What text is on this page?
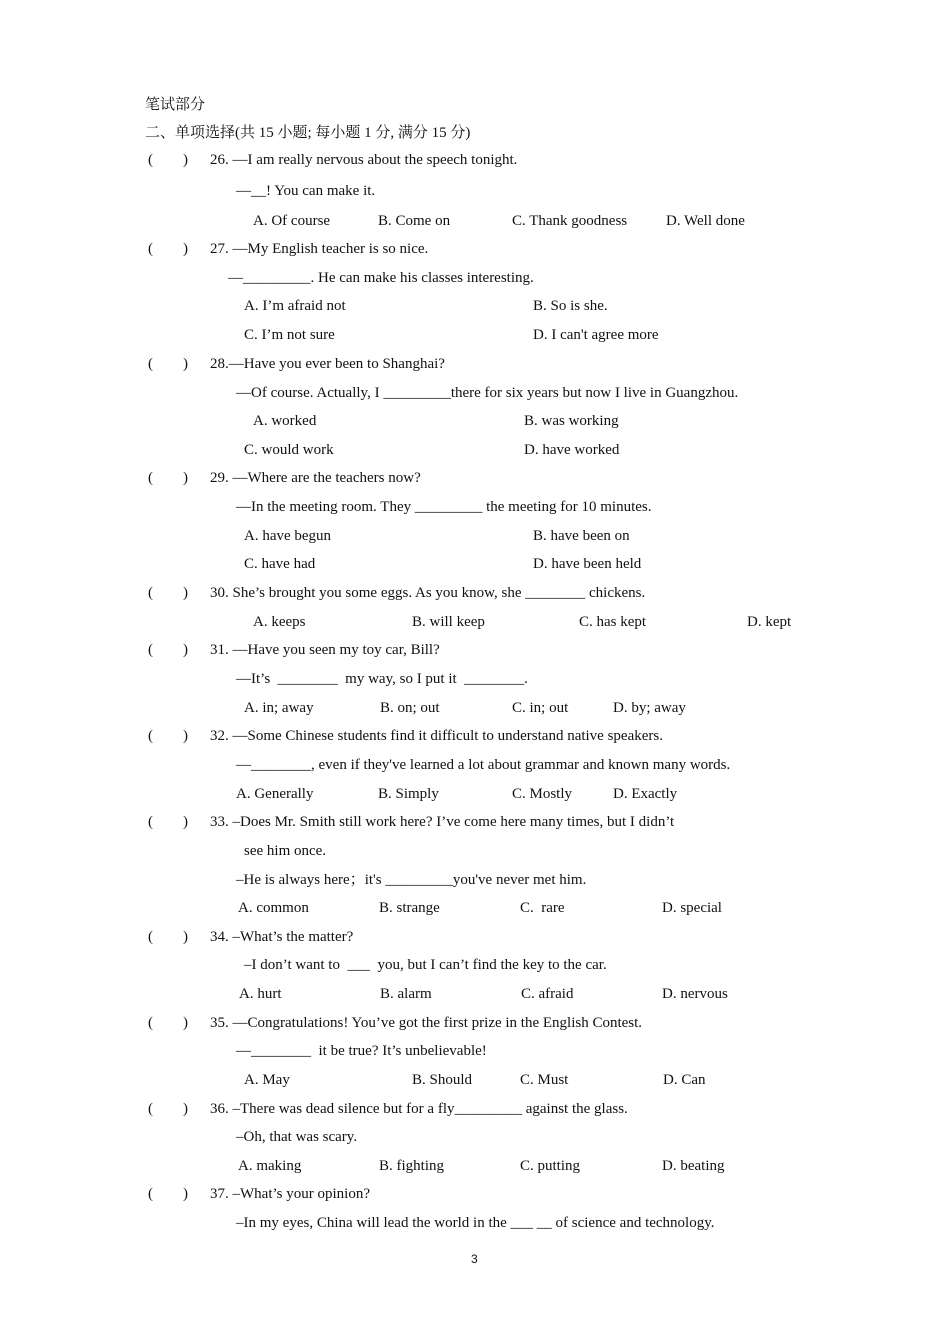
笔试部分
二、单项选择(共 15 小题; 每小题 1 分, 满分 15 分)
(        ) 26. —I am really nervous about the speech tonight.
—__! You can make it.
A. Of course	B. Come on	C. Thank goodness	D. Well done
(        ) 27. —My English teacher is so nice.
—_________. He can make his classes interesting.
A. I’m afraid not	B. So is she.
C. I’m not sure	D. I can't agree more
(        ) 28.—Have you ever been to Shanghai?
—Of course. Actually, I _________there for six years but now I live in Guangzhou.
A. worked	B. was working
C. would work	D. have worked
(        ) 29. —Where are the teachers now?
—In the meeting room. They _________ the meeting for 10 minutes.
A. have begun	B. have been on
C. have had	D. have been held
(        ) 30. She’s brought you some eggs. As you know, she ________ chickens.
A. keeps	B. will keep	C. has kept	D. kept
(        ) 31. —Have you seen my toy car, Bill?
—It’s  ________  my way, so I put it  ________.
A. in; away	B. on; out	C. in; out	D. by; away
(        ) 32. —Some Chinese students find it difficult to understand native speakers.
—________, even if they've learned a lot about grammar and known many words.
A. Generally	B. Simply	C. Mostly	D. Exactly
(        ) 33. –Does Mr. Smith still work here? I’ve come here many times, but I didn’t
see him once.
–He is always here；it's _________you've never met him.
A. common	B. strange	C.  rare	D. special
(        ) 34. –What’s the matter?
–I don’t want to  ___  you, but I can’t find the key to the car.
A. hurt	B. alarm	C. afraid	D. nervous
(        ) 35. —Congratulations! You’ve got the first prize in the English Contest.
—________  it be true? It’s unbelievable!
A. May	B. Should	C. Must	D. Can
(        ) 36. –There was dead silence but for a fly_________ against the glass.
–Oh, that was scary.
A. making	B. fighting	C. putting	D. beating
(        ) 37. –What’s your opinion?
–In my eyes, China will lead the world in the ___ __ of science and technology.
3
